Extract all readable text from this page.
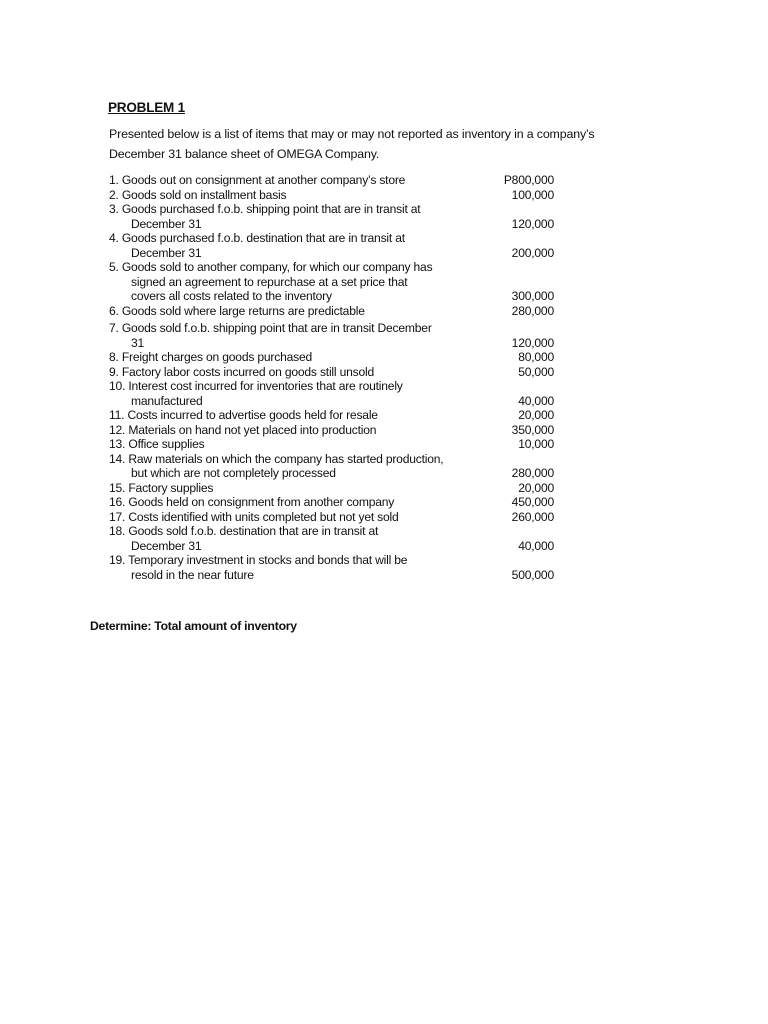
PROBLEM 1
Presented below is a list of items that may or may not reported as inventory in a company’s
December 31 balance sheet of OMEGA Company.
1. Goods out on consignment at another company’s store	P800,000
2. Goods sold on installment basis	100,000
3. Goods purchased f.o.b. shipping point that are in transit at
December 31	120,000
4. Goods purchased f.o.b. destination that are in transit at
December 31	200,000
5. Goods sold to another company, for which our company has
signed an agreement to repurchase at a set price that
covers all costs related to the inventory	300,000
6. Goods sold where large returns are predictable	280,000
7. Goods sold f.o.b. shipping point that are in transit December
31	120,000
8. Freight charges on goods purchased	80,000
9. Factory labor costs incurred on goods still unsold	50,000
10. Interest cost incurred for inventories that are routinely
manufactured	40,000
11. Costs incurred to advertise goods held for resale	20,000
12. Materials on hand not yet placed into production	350,000
13. Office supplies	10,000
14. Raw materials on which the company has started production,
but which are not completely processed	280,000
15. Factory supplies	20,000
16. Goods held on consignment from another company	450,000
17. Costs identified with units completed but not yet sold	260,000
18. Goods sold f.o.b. destination that are in transit at
December 31	40,000
19. Temporary investment in stocks and bonds that will be
resold in the near future	500,000
Determine: Total amount of inventory
